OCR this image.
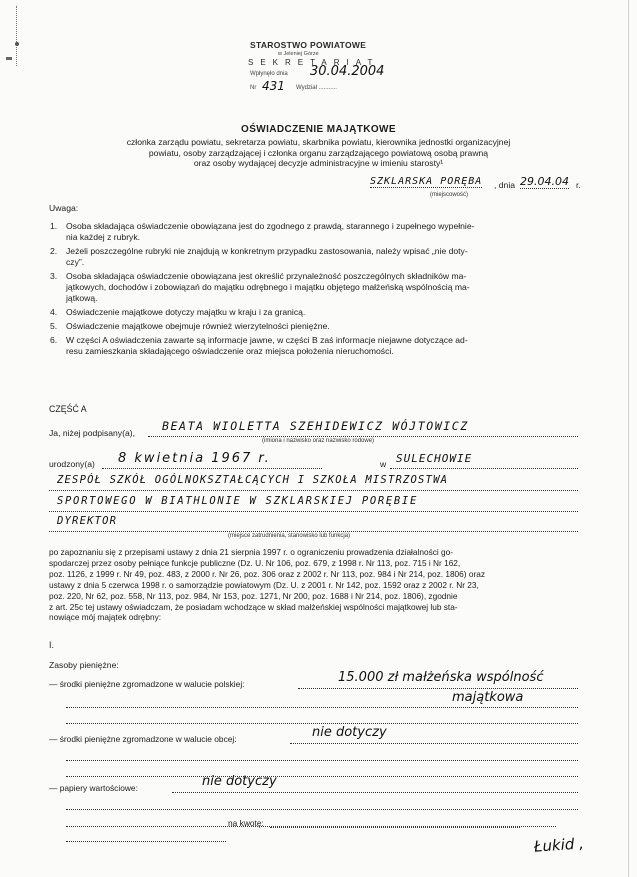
STAROSTWO POWIATOWE
w Jeleniej Górze
SEKRETARIAT
Wpłynęło dnia 30.04.2004
Nr 431 Wydział ...........
OŚWIADCZENIE MAJĄTKOWE
członka zarządu powiatu, sekretarza powiatu, skarbnika powiatu, kierownika jednostki organizacyjnej
powiatu, osoby zarządzającej i członka organu zarządzającego powiatową osobą prawną
oraz osoby wydającej decyzje administracyjne w imieniu starosty¹
SZKLARSKA PORĘBA , dnia 29.04.04 r.
(miejscowość)
Uwaga:
1. Osoba składająca oświadczenie obowiązana jest do zgodnego z prawdą, starannego i zupełnego wypełnie-
nia każdej z rubryk.
2. Jeżeli poszczególne rubryki nie znajdują w konkretnym przypadku zastosowania, należy wpisać „nie doty-
czy”.
3. Osoba składająca oświadczenie obowiązana jest określić przynależność poszczególnych składników ma-
jątkowych, dochodów i zobowiązań do majątku odrębnego i majątku objętego małżeńską wspólnością ma-
jątkową.
4. Oświadczenie majątkowe dotyczy majątku w kraju i za granicą.
5. Oświadczenie majątkowe obejmuje również wierzytelności pieniężne.
6. W części A oświadczenia zawarte są informacje jawne, w części B zaś informacje niejawne dotyczące ad-
resu zamieszkania składającego oświadczenie oraz miejsca położenia nieruchomości.
CZĘŚĆ A
Ja, niżej podpisany(a), BEATA WIOLETTA SZEHIDEWICZ WÓJTOWICZ
(imiona i nazwisko oraz nazwisko rodowe)
urodzony(a) 8 kwietnia 1967 r.	w SULECHOWIE
ZESPÓŁ SZKÓŁ OGÓLNOKSZTAŁCĄCYCH I SZKOŁA MISTRZOSTWA
SPORTOWEGO W BIATHLONIE W SZKLARSKIEJ PORĘBIE
DYREKTOR
(miejsce zatrudnienia, stanowisko lub funkcja)
po zapoznaniu się z przepisami ustawy z dnia 21 sierpnia 1997 r. o ograniczeniu prowadzenia działalności go-
spodarczej przez osoby pełniące funkcje publiczne (Dz. U. Nr 106, poz. 679, z 1998 r. Nr 113, poz. 715 i Nr 162,
poz. 1126, z 1999 r. Nr 49, poz. 483, z 2000 r. Nr 26, poz. 306 oraz z 2002 r. Nr 113, poz. 984 i Nr 214, poz. 1806) oraz
ustawy z dnia 5 czerwca 1998 r. o samorządzie powiatowym (Dz. U. z 2001 r. Nr 142, poz. 1592 oraz z 2002 r. Nr 23,
poz. 220, Nr 62, poz. 558, Nr 113, poz. 984, Nr 153, poz. 1271, Nr 200, poz. 1688 i Nr 214, poz. 1806), zgodnie
z art. 25c tej ustawy oświadczam, że posiadam wchodzące w skład małżeńskiej wspólności majątkowej lub sta-
nowiące mój majątek odrębny:
I.
Zasoby pieniężne:
— środki pieniężne zgromadzone w walucie polskiej:	15.000 zł małżeńska wspólność
majątkowa
— środki pieniężne zgromadzone w walucie obcej:	nie dotyczy
— papiery wartościowe:	nie dotyczy
na kwotę:
Łukid ,
